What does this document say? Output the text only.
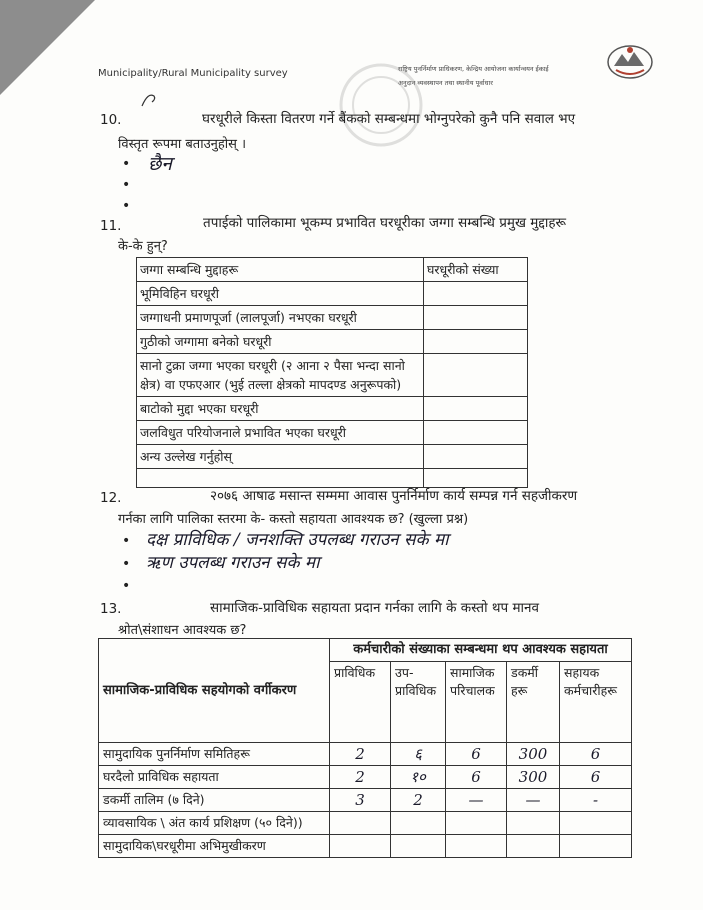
Municipality/Rural Municipality survey	राष्ट्रिय पुनर्निर्माण प्राधिकरण, केन्द्रिय आयोजना कार्यान्वयन ईकाई
अनुदान व्यवस्थापन तथा स्थानीय पूर्वाधार
10.	घरधूरीले किस्ता वितरण गर्ने बैंकको सम्बन्धमा भोग्नुपरेको कुनै पनि सवाल भए
विस्तृत रूपमा बताउनुहोस् ।
• छैन
•
•
11.	तपाईको पालिकामा भूकम्प प्रभावित घरधूरीका जग्गा सम्बन्धि प्रमुख मुद्दाहरू
के-के हुन्?
जग्गा सम्बन्धि मुद्दाहरू	घरधूरीको संख्या
भूमिविहिन घरधूरी	
जग्गाधनी प्रमाणपूर्जा (लालपूर्जा) नभएका घरधूरी	
गुठीको जग्गामा बनेको घरधूरी	
सानो टुक्रा जग्गा भएका घरधूरी (२ आना २ पैसा भन्दा सानो क्षेत्र) वा एफएआर (भुई तल्ला क्षेत्रको मापदण्ड अनुरूपको)	
बाटोको मुद्दा भएका घरधूरी	
जलविधुत परियोजनाले प्रभावित भएका घरधूरी	
अन्य उल्लेख गर्नुहोस्	

12.	२०७६ आषाढ मसान्त सम्ममा आवास पुनर्निर्माण कार्य सम्पन्न गर्न सहजीकरण
गर्नका लागि पालिका स्तरमा के- कस्तो सहायता आवश्यक छ? (खुल्ला प्रश्न)
• दक्ष प्राविधिक / जनशक्ति उपलब्ध गराउन सके मा
• ऋण उपलब्ध गराउन सके मा
•
13.	सामाजिक-प्राविधिक सहायता प्रदान गर्नका लागि के कस्तो थप मानव
श्रोत\संशाधन आवश्यक छ?
सामाजिक-प्राविधिक सहयोगको वर्गीकरण	कर्मचारीको संख्याका सम्बन्धमा थप आवश्यक सहायता				
	प्राविधिक	उप-प्राविधिक	सामाजिक परिचालक	डकर्मी हरू	सहायक कर्मचारीहरू
सामुदायिक पुनर्निर्माण समितिहरू	2	६	6	300	6
घरदैलो प्राविधिक सहायता	2	१०	6	300	6
डकर्मी तालिम (७ दिने)	3	2	—	—	-
व्यावसायिक \ अंत कार्य प्रशिक्षण (५० दिने))					
सामुदायिक\घरधूरीमा अभिमुखीकरण					
